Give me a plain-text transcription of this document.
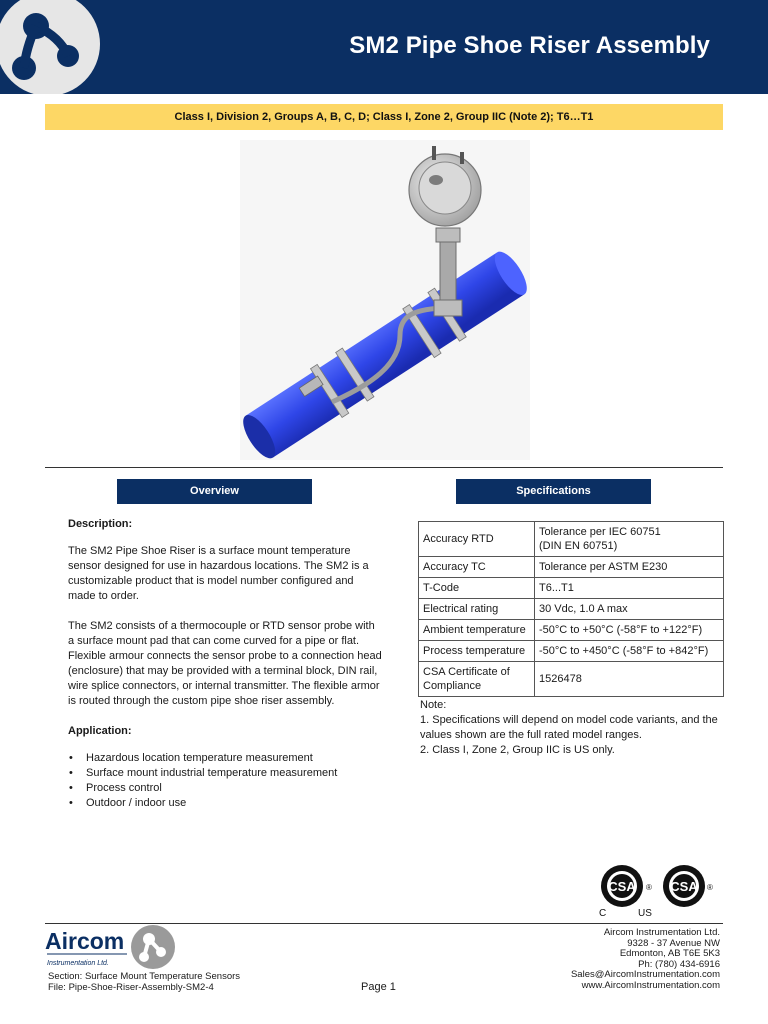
SM2 Pipe Shoe Riser Assembly
Class I, Division 2, Groups A, B, C, D; Class I, Zone 2, Group IIC (Note 2); T6…T1
Overview	Specifications
Description:

The SM2 Pipe Shoe Riser is a surface mount temperature sensor designed for use in hazardous locations. The SM2 is a customizable product that is model number configured and made to order.

The SM2 consists of a thermocouple or RTD sensor probe with a surface mount pad that can come curved for a pipe or flat. Flexible armour connects the sensor probe to a connection head (enclosure) that may be provided with a terminal block, DIN rail, wire splice connectors, or internal transmitter. The flexible armor is routed through the custom pipe shoe riser assembly.

Application:
• Hazardous location temperature measurement
• Surface mount industrial temperature measurement
• Process control
• Outdoor / indoor use
Accuracy RTD	Tolerance per IEC 60751
(DIN EN 60751)
Accuracy TC	Tolerance per ASTM E230
T-Code	T6...T1
Electrical rating	30 Vdc, 1.0 A max
Ambient temperature	-50°C to +50°C (-58°F to +122°F)
Process temperature	-50°C to +450°C (-58°F to +842°F)
CSA Certificate of
Compliance	1526478
Note:
1. Specifications will depend on model code variants, and the values shown are the full rated model ranges.
2. Class I, Zone 2, Group IIC is US only.
CSA ®
C	US
CSA ®
Aircom
Instrumentation Ltd.
Section: Surface Mount Temperature Sensors
File: Pipe-Shoe-Riser-Assembly-SM2-4	Page 1
Aircom Instrumentation Ltd.
9328 - 37 Avenue NW
Edmonton, AB T6E 5K3
Ph: (780) 434-6916
Sales@AircomInstrumentation.com
www.AircomInstrumentation.com
